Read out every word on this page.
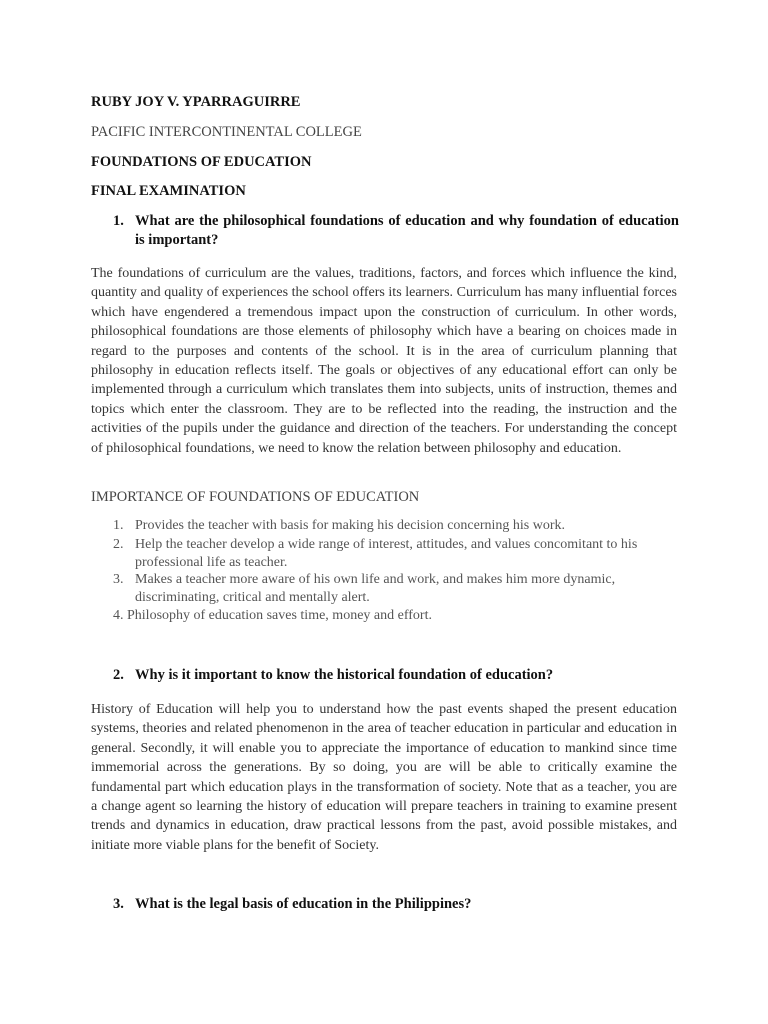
RUBY JOY V. YPARRAGUIRRE
PACIFIC INTERCONTINENTAL COLLEGE
FOUNDATIONS OF EDUCATION
FINAL EXAMINATION
1. What are the philosophical foundations of education and why foundation of education is important?
The foundations of curriculum are the values, traditions, factors, and forces which influence the kind, quantity and quality of experiences the school offers its learners. Curriculum has many influential forces which have engendered a tremendous impact upon the construction of curriculum. In other words, philosophical foundations are those elements of philosophy which have a bearing on choices made in regard to the purposes and contents of the school. It is in the area of curriculum planning that philosophy in education reflects itself. The goals or objectives of any educational effort can only be implemented through a curriculum which translates them into subjects, units of instruction, themes and topics which enter the classroom. They are to be reflected into the reading, the instruction and the activities of the pupils under the guidance and direction of the teachers. For understanding the concept of philosophical foundations, we need to know the relation between philosophy and education.
IMPORTANCE OF FOUNDATIONS OF EDUCATION
1. Provides the teacher with basis for making his decision concerning his work.
2. Help the teacher develop a wide range of interest, attitudes, and values concomitant to his professional life as teacher.
3. Makes a teacher more aware of his own life and work, and makes him more dynamic, discriminating, critical and mentally alert.
4. Philosophy of education saves time, money and effort.
2. Why is it important to know the historical foundation of education?
History of Education will help you to understand how the past events shaped the present education systems, theories and related phenomenon in the area of teacher education in particular and education in general. Secondly, it will enable you to appreciate the importance of education to mankind since time immemorial across the generations. By so doing, you are will be able to critically examine the fundamental part which education plays in the transformation of society. Note that as a teacher, you are a change agent so learning the history of education will prepare teachers in training to examine present trends and dynamics in education, draw practical lessons from the past, avoid possible mistakes, and initiate more viable plans for the benefit of Society.
3. What is the legal basis of education in the Philippines?
